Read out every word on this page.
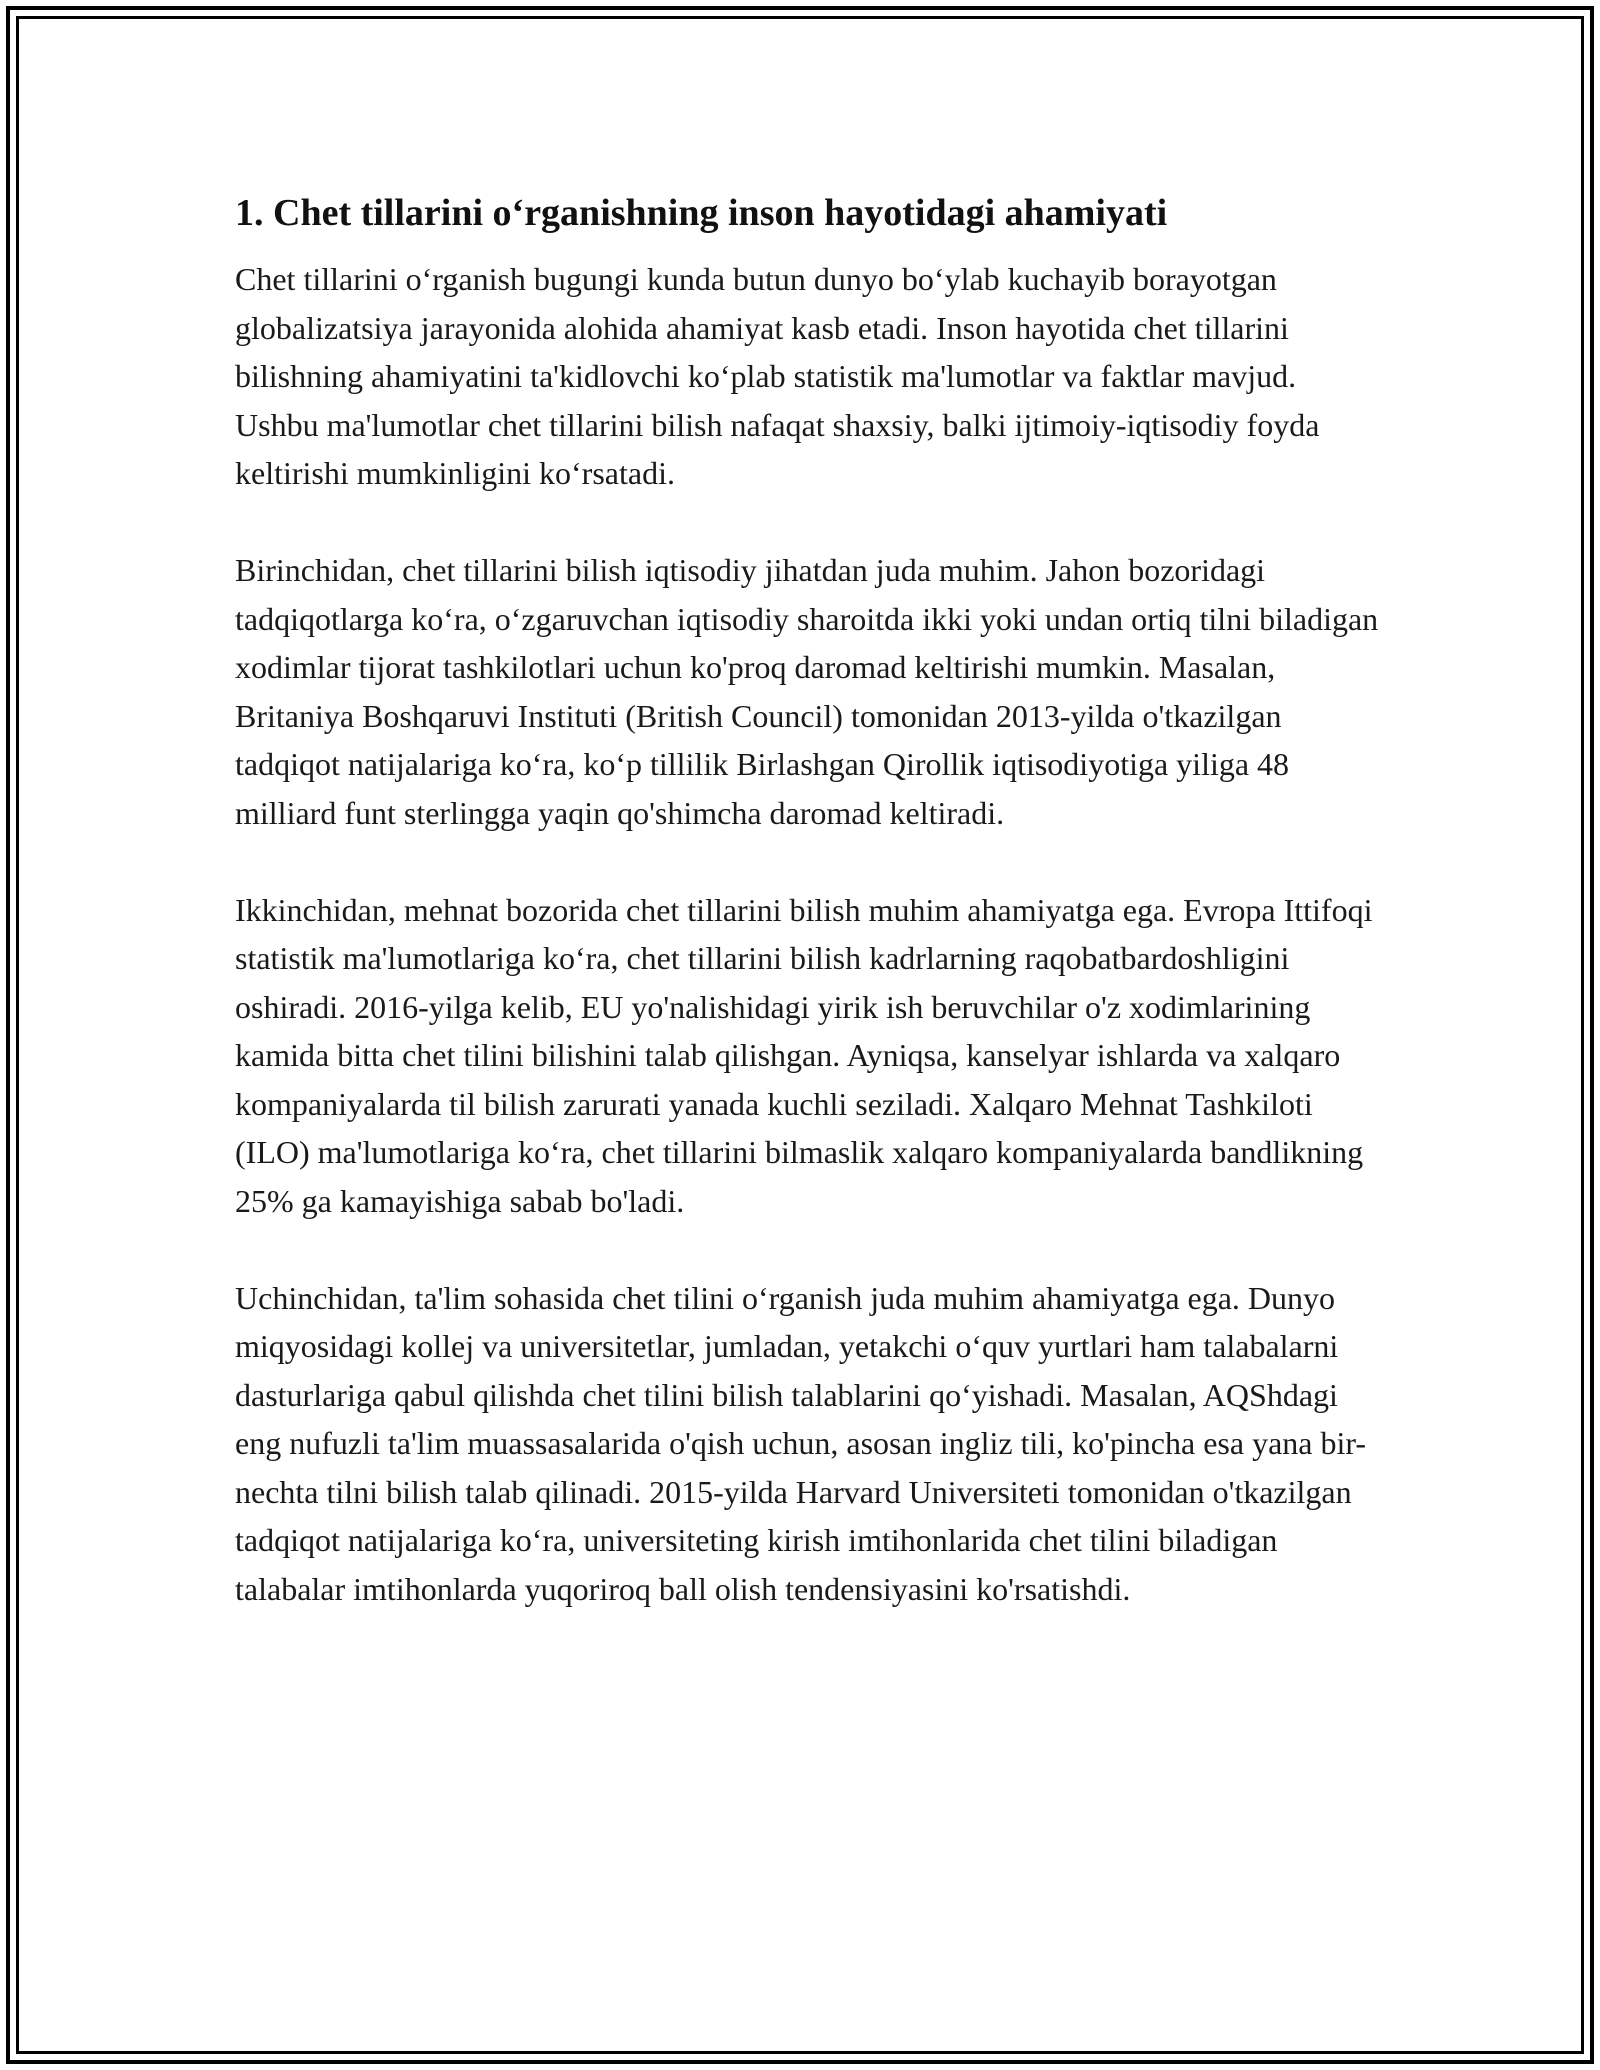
1. Chet tillarini o‘rganishning inson hayotidagi ahamiyati

Chet tillarini o‘rganish bugungi kunda butun dunyo bo‘ylab kuchayib borayotgan globalizatsiya jarayonida alohida ahamiyat kasb etadi. Inson hayotida chet tillarini bilishning ahamiyatini ta'kidlovchi ko‘plab statistik ma'lumotlar va faktlar mavjud. Ushbu ma'lumotlar chet tillarini bilish nafaqat shaxsiy, balki ijtimoiy-iqtisodiy foyda keltirishi mumkinligini ko‘rsatadi.

Birinchidan, chet tillarini bilish iqtisodiy jihatdan juda muhim. Jahon bozoridagi tadqiqotlarga ko‘ra, o‘zgaruvchan iqtisodiy sharoitda ikki yoki undan ortiq tilni biladigan xodimlar tijorat tashkilotlari uchun ko'proq daromad keltirishi mumkin. Masalan, Britaniya Boshqaruvi Instituti (British Council) tomonidan 2013-yilda o'tkazilgan tadqiqot natijalariga ko‘ra, ko‘p tillilik Birlashgan Qirollik iqtisodiyotiga yiliga 48 milliard funt sterlingga yaqin qo'shimcha daromad keltiradi.

Ikkinchidan, mehnat bozorida chet tillarini bilish muhim ahamiyatga ega. Evropa Ittifoqi statistik ma'lumotlariga ko‘ra, chet tillarini bilish kadrlarning raqobatbardoshligini oshiradi. 2016-yilga kelib, EU yo'nalishidagi yirik ish beruvchilar o'z xodimlarining kamida bitta chet tilini bilishini talab qilishgan. Ayniqsa, kanselyar ishlarda va xalqaro kompaniyalarda til bilish zarurati yanada kuchli seziladi. Xalqaro Mehnat Tashkiloti (ILO) ma'lumotlariga ko‘ra, chet tillarini bilmaslik xalqaro kompaniyalarda bandlikning 25% ga kamayishiga sabab bo'ladi.

Uchinchidan, ta'lim sohasida chet tilini o‘rganish juda muhim ahamiyatga ega. Dunyo miqyosidagi kollej va universitetlar, jumladan, yetakchi o‘quv yurtlari ham talabalarni dasturlariga qabul qilishda chet tilini bilish talablarini qo‘yishadi. Masalan, AQShdagi eng nufuzli ta'lim muassasalarida o'qish uchun, asosan ingliz tili, ko'pincha esa yana bir-nechta tilni bilish talab qilinadi. 2015-yilda Harvard Universiteti tomonidan o'tkazilgan tadqiqot natijalariga ko‘ra, universiteting kirish imtihonlarida chet tilini biladigan talabalar imtihonlarda yuqoriroq ball olish tendensiyasini ko'rsatishdi.
